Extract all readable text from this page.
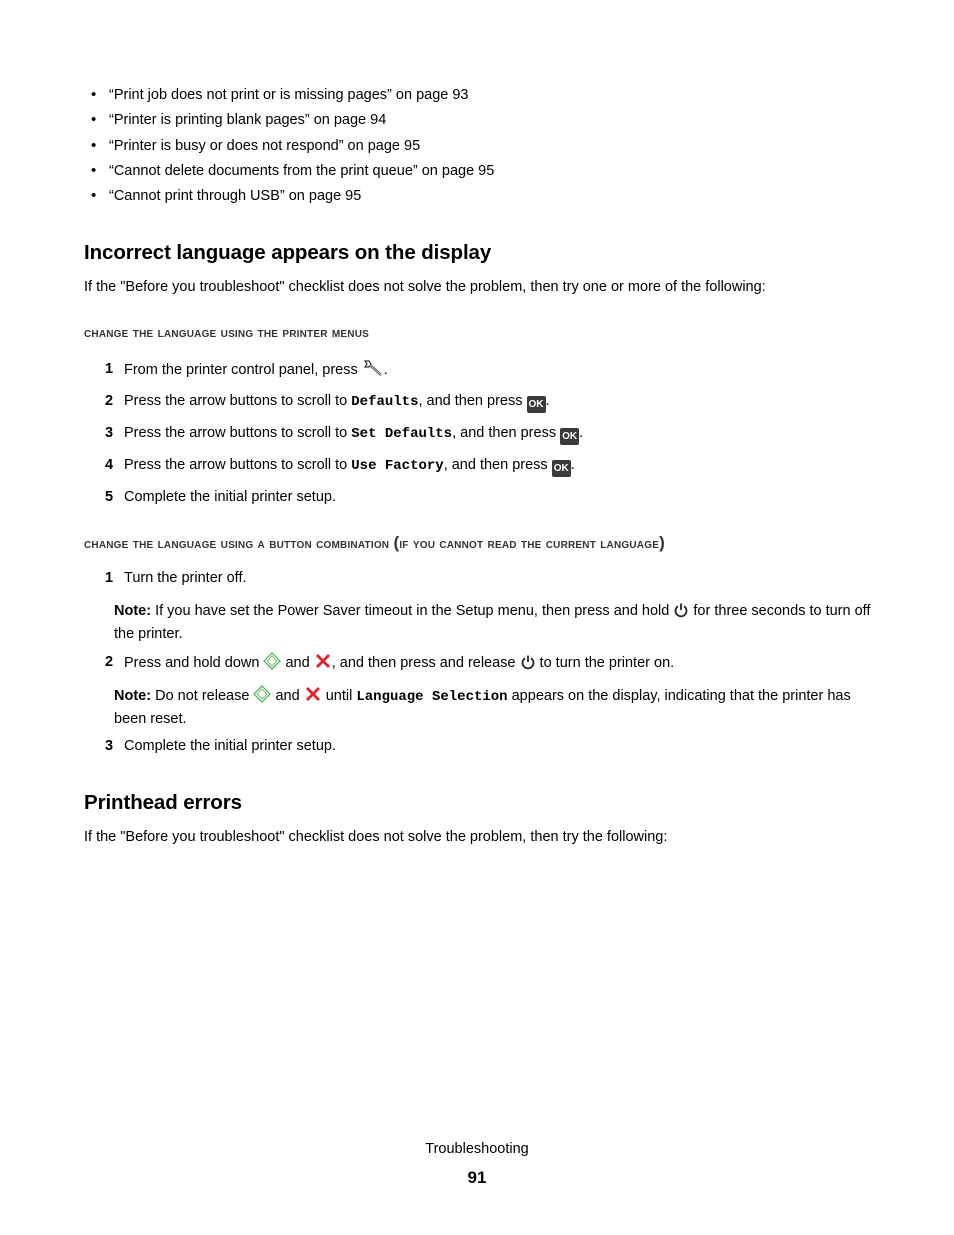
• “Print job does not print or is missing pages” on page 93
• “Printer is printing blank pages” on page 94
• “Printer is busy or does not respond” on page 95
• “Cannot delete documents from the print queue” on page 95
• “Cannot print through USB” on page 95
Incorrect language appears on the display

If the "Before you troubleshoot" checklist does not solve the problem, then try one or more of the following:

change the language using the printer menus
1 From the printer control panel, press .
2 Press the arrow buttons to scroll to Defaults, and then press OK .
3 Press the arrow buttons to scroll to Set Defaults, and then press OK .
4 Press the arrow buttons to scroll to Use Factory, and then press OK .
5 Complete the initial printer setup.
change the language using a button combination (if you cannot read the current language)
1 Turn the printer off.

Note: If you have set the Power Saver timeout in the Setup menu, then press and hold  for three seconds to turn off the printer.

2 Press and hold down  and , and then press and release  to turn the printer on.

Note: Do not release  and  until Language Selection appears on the display, indicating that the printer has been reset.

3 Complete the initial printer setup.
Printhead errors

If the "Before you troubleshoot" checklist does not solve the problem, then try the following:

Troubleshooting
91
